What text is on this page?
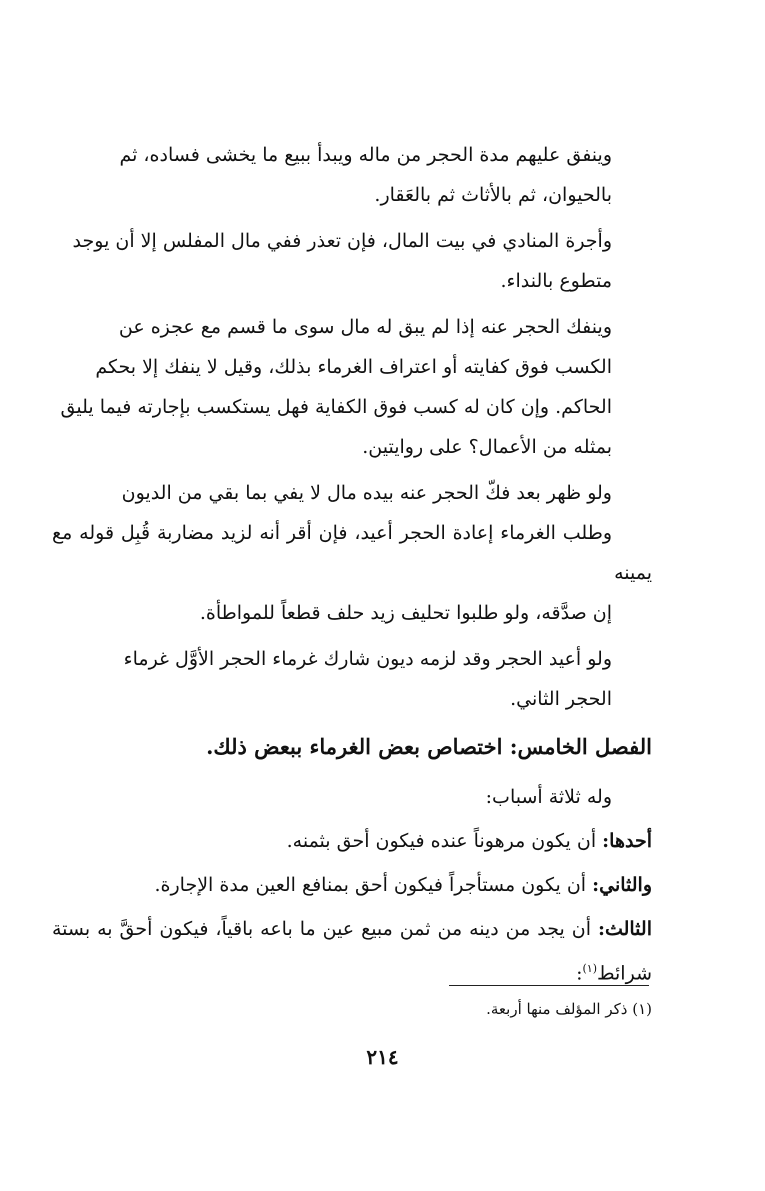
وينفق عليهم مدة الحجر من ماله ويبدأ ببيع ما يخشى فساده، ثم
بالحيوان، ثم بالأثاث ثم بالعَقار.

وأجرة المنادي في بيت المال، فإن تعذر ففي مال المفلس إلا أن يوجد
متطوع بالنداء.

وينفك الحجر عنه إذا لم يبق له مال سوى ما قسم مع عجزه عن
الكسب فوق كفايته أو اعتراف الغرماء بذلك، وقيل لا ينفك إلا بحكم
الحاكم. وإن كان له كسب فوق الكفاية فهل يستكسب بإجارته فيما يليق
بمثله من الأعمال؟ على روايتين.

ولو ظهر بعد فكّ الحجر عنه بيده مال لا يفي بما بقي من الديون
وطلب الغرماء إعادة الحجر أعيد، فإن أقر أنه لزيد مضاربة قُبِل قوله مع يمينه
إن صدَّقه، ولو طلبوا تحليف زيد حلف قطعاً للمواطأة.

ولو أعيد الحجر وقد لزمه ديون شارك غرماء الحجر الأوَّل غرماء
الحجر الثاني.

الفصل الخامس: اختصاص بعض الغرماء ببعض ذلك.

وله ثلاثة أسباب:

أحدها: أن يكون مرهوناً عنده فيكون أحق بثمنه.

والثاني: أن يكون مستأجراً فيكون أحق بمنافع العين مدة الإجارة.

الثالث: أن يجد من دينه من ثمن مبيع عين ما باعه باقياً، فيكون أحقَّ به بستة شرائط$^{(١)}$:

(١) ذكر المؤلف منها أربعة.
٢١٤
